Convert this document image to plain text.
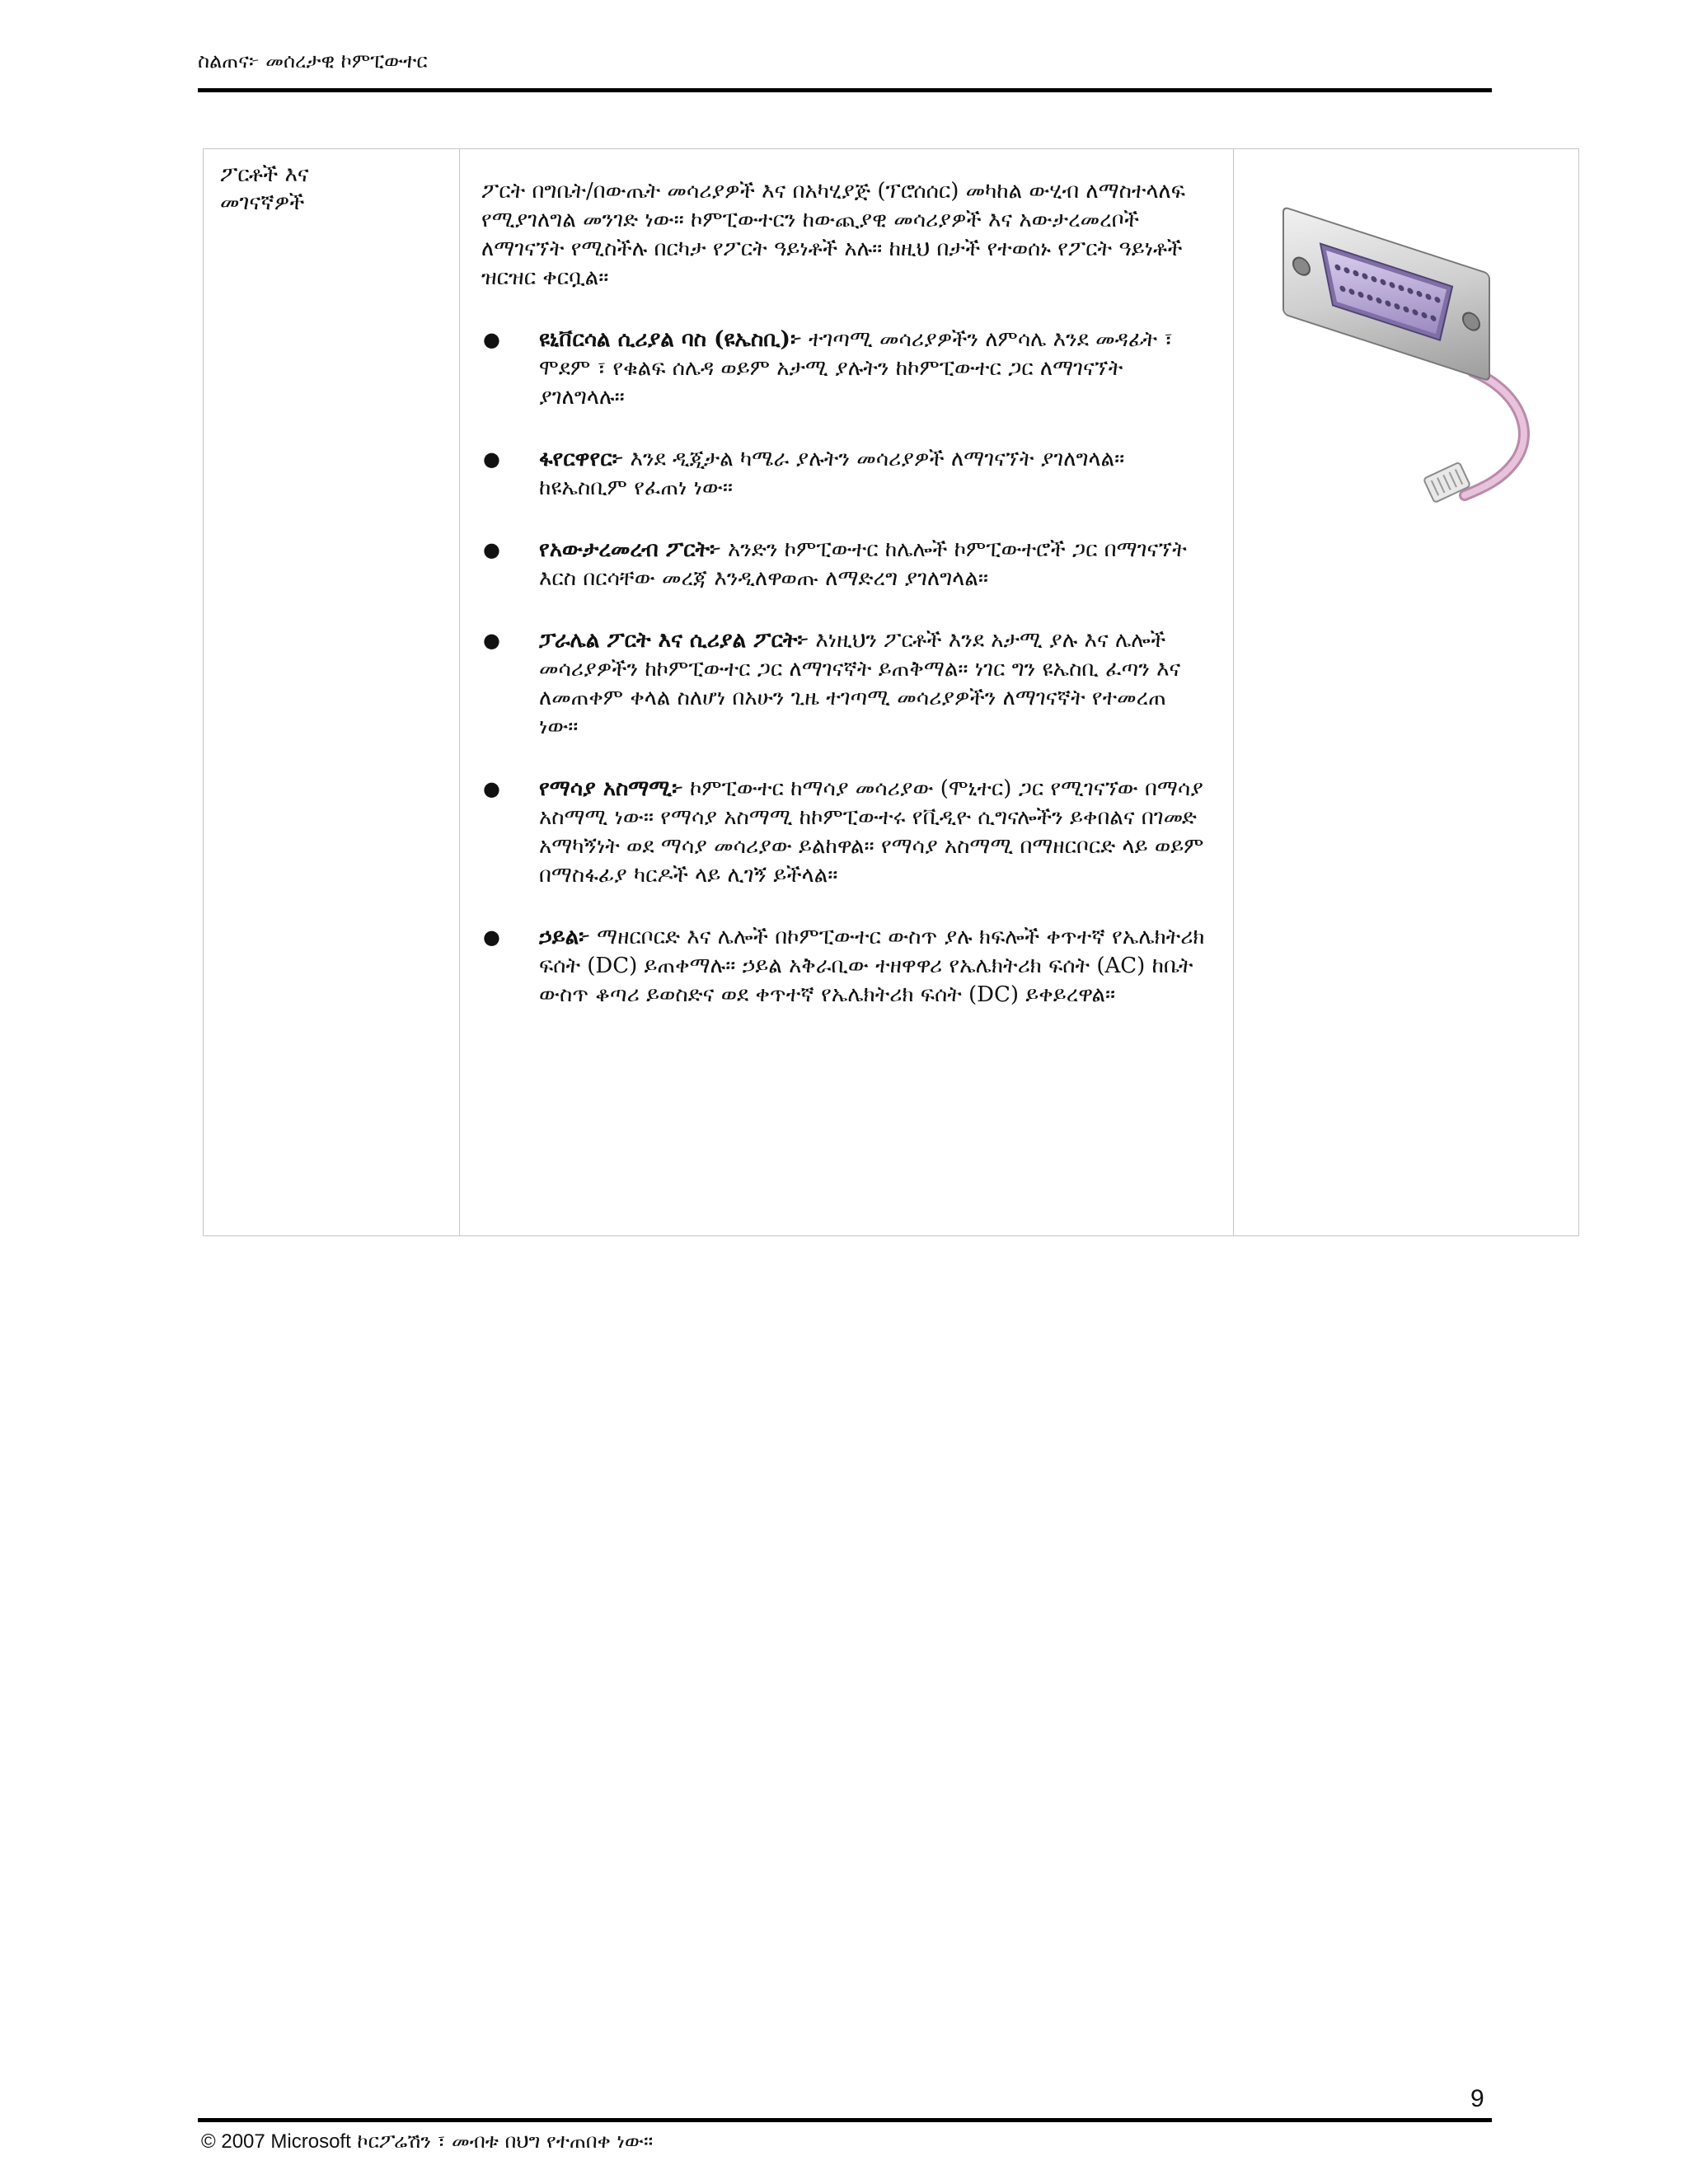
ስልጠና፦ መሰረታዊ ኮምፒውተር
ፖርቶች እና
መገናኛዎች	ፖርት በግቤት/በውጤት መሳሪያዎች እና በአካሂያጅ (ፕሮሰሰር) መካከል ውሂብ ለማስተላለፍ የሚያገለግል መንገድ ነው። ኮምፒውተርን ከውጪያዊ መሳሪያዎች እና አውታረመረቦች ለማገናኘት የሚስችሉ በርካታ የፖርት ዓይነቶች አሉ። ከዚህ በታች የተወሰኑ የፖርት ዓይነቶች ዝርዝር ቀርቧል።

● ዩኒቨርሳል ሲሪያል ባስ (ዩኤስቢ)፦ ተገጣሚ መሳሪያዎችን ለምሳሌ እንደ መዳፊት ፣ ሞደም ፣ የቁልፍ ሰሌዳ ወይም አታሚ ያሉትን ከኮምፒውተር ጋር ለማገናኘት ያገለግላሉ።
● ፋየርዋየር፦ እንደ ዲጂታል ካሜራ ያሉትን መሳሪያዎች ለማገናኘት ያገለግላል። ከዩኤስቢም የፈጠነ ነው።
● የአውታረመረብ ፖርት፦ አንድን ኮምፒውተር ከሌሎች ኮምፒውተሮች ጋር በማገናኘት እርስ በርሳቸው መረጃ እንዲለዋወጡ ለማድረግ ያገለግላል።
● ፓራሌል ፖርት እና ሲሪያል ፖርት፦ እነዚህን ፖርቶች እንደ አታሚ ያሉ እና ሌሎች መሳሪያዎችን ከኮምፒውተር ጋር ለማገናኛት ይጠቅማል። ነገር ግን ዩኤስቢ ፈጣን እና ለመጠቀም ቀላል ስለሆነ በአሁን ጊዜ ተገጣሚ መሳሪያዎችን ለማገናኛት የተመረጠ ነው።
● የማሳያ አስማሚ፦ ኮምፒውተር ከማሳያ መሳሪያው (ሞኒተር) ጋር የሚገናኘው በማሳያ አስማሚ ነው። የማሳያ አስማሚ ከኮምፒውተሩ የቪዲዮ ሲግናሎችን ይቀበልና በገመድ አማካኝነት ወደ ማሳያ መሳሪያው ይልከዋል። የማሳያ አስማሚ በማዘርቦርድ ላይ ወይም በማስፋፊያ ካርዶች ላይ ሊገኝ ይችላል።
● ኃይል፦ ማዘርቦርድ እና ሌሎች በኮምፒውተር ውስጥ ያሉ ክፍሎች ቀጥተኛ የኤሌክትሪክ ፍሰት (DC) ይጠቀማሉ። ኃይል አቅራቢው ተዘዋዋሪ የኤሌክትሪክ ፍሰት (AC) ከቤት ውስጥ ቆጣሪ ይወስድና ወደ ቀጥተኛ የኤሌክትሪክ ፍሰት (DC) ይቀይረዋል።

9
© 2007 Microsoft ኮርፖሬሽን ፣ መብቱ በህግ የተጠበቀ ነው።
